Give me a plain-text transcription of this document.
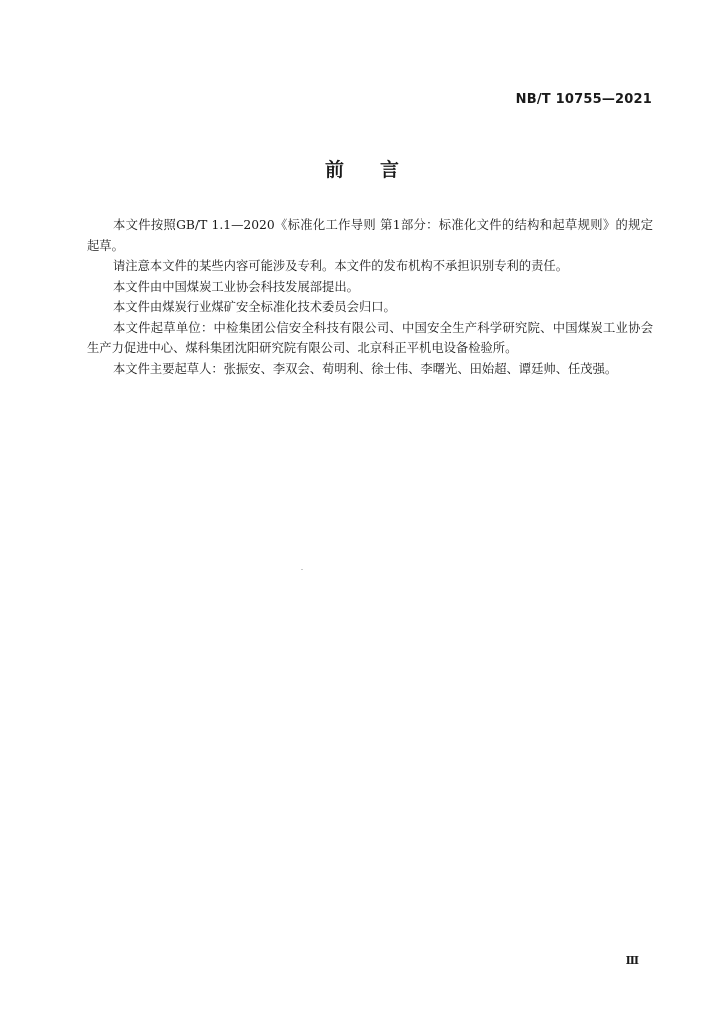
NB/T 10755—2021
前言

本文件按照GB/T 1.1—2020《标准化工作导则 第1部分：标准化文件的结构和起草规则》的规定起草。

请注意本文件的某些内容可能涉及专利。本文件的发布机构不承担识别专利的责任。

本文件由中国煤炭工业协会科技发展部提出。

本文件由煤炭行业煤矿安全标准化技术委员会归口。

本文件起草单位：中检集团公信安全科技有限公司、中国安全生产科学研究院、中国煤炭工业协会生产力促进中心、煤科集团沈阳研究院有限公司、北京科正平机电设备检验所。

本文件主要起草人：张振安、李双会、荀明利、徐士伟、李曙光、田始超、谭廷帅、任茂强。

Ⅲ
